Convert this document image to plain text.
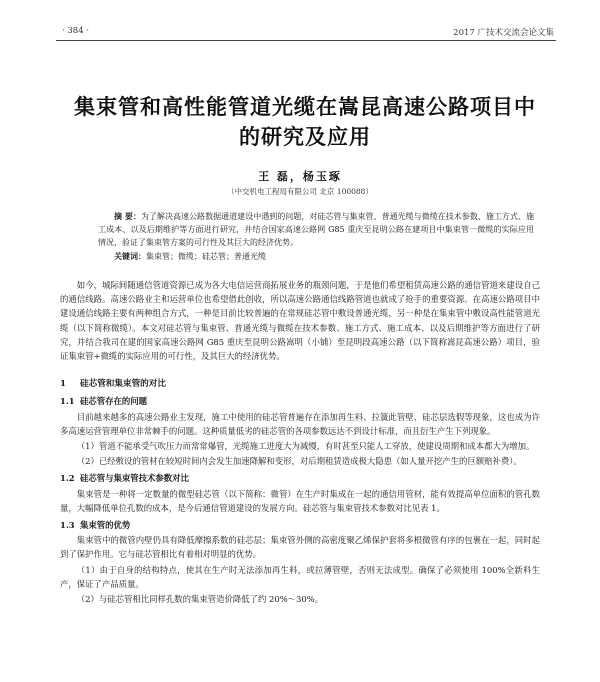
· 384 ·	2017 广技术交流会论文集
集束管和高性能管道光缆在嵩昆高速公路项目中的研究及应用
王 磊，杨玉琢
（中交机电工程局有限公司 北京 100088）
摘 要：为了解决高速公路数据通道建设中遇到的问题，对硅芯管与集束管、普通光缆与微缆在技术参数、施工方式、施工成本、以及后期维护等方面进行研究，并结合国家高速公路网 G85 重庆至昆明公路在建项目中集束管一微缆的实际应用情况，验证了集束管方案的可行性及其巨大的经济优势。
关键词：集束管；微缆；硅芯管；普通光缆

如今，城际间随通信管道资源已成为各大电信运营商拓展业务的瓶颈问题，于是他们希望租赁高速公路的通信管道来建设自己的通信线路。高速公路业主和运营单位也希望借此创收，所以高速公路通信线路管道也就成了抢手的重要资源。在高速公路项目中建设通信线路主要有两种组合方式，一种是目前比较普遍的在常规硅芯管中敷设普通光缆，另一种是在集束管中敷设高性能管道光缆（以下简称微缆）。本文对硅芯管与集束管、普通光缆与微缆在技术参数、施工方式、施工成本、以及后期维护等方面进行了研究，并结合我司在建的国家高速公路网 G85 重庆至昆明公路嵩明（小铺）至昆明段高速公路（以下简称嵩昆高速公路）项目，验证集束管+微缆的实际应用的可行性，及其巨大的经济优势。

1 硅芯管和集束管的对比
1.1 硅芯管存在的问题

目前越来越多的高速公路业主发现，施工中使用的硅芯管普遍存在添加再生料、拉簧此管壁、硅芯层选假等现象，这也成为许多高速运营管理单位非常棘手的问题。这种质量低劣的硅芯管的各项参数远达不到设计标准，而且衍生产生下列现象。

（1）管道不能承受气吹压力而常常爆管，光缆施工进度大为减慢，有时甚至只能人工穿放，使建设周期和成本都大为增加。

（2）已经敷设的管材在较短时间内会发生加速降解和变形，对后期租赁造成极大隐患（如人量开挖产生的巨额赔补费）。

1.2 硅芯管与集束管技术参数对比

集束管是一种将一定数量的微型硅芯管（以下简称：微管）在生产时集成在一起的通信用管材，能有效提高单位面积的管孔数量，大幅降低单位孔数的成本，是今后通信管道建设的发展方向。硅芯管与集束管技术参数对比见表 1。

1.3 集束管的优势

集束管中的微管内壁仍具有降低摩擦系数的硅芯层；集束管外侧的高密度聚乙烯保护套将多根微管有序的包裹在一起，同时起到了保护作用。它与硅芯管相比有着相对明显的优势。

（1）由于自身的结构特点，使其在生产时无法添加再生料，或拉薄管壁，否则无法成型。确保了必须使用 100%全新料生产，保证了产品质量。

（2）与硅芯管相比同样孔数的集束管造价降低了约 20%～30%。
